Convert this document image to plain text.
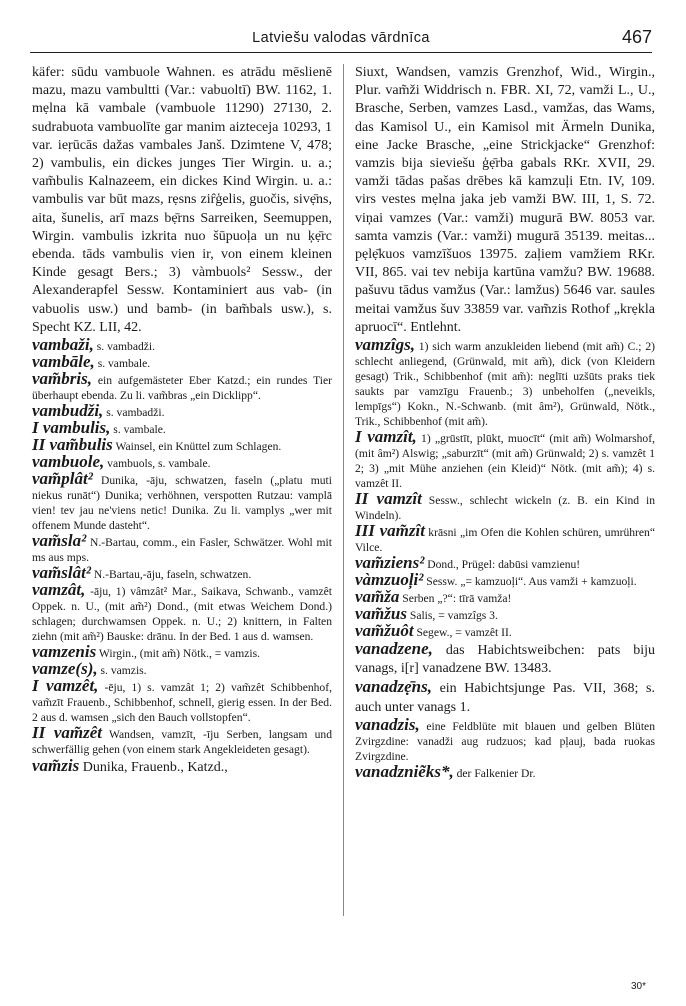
Latviešu valodas vārdnīca	467

käfer: sūdu vambuole Wahnen. es atrādu mēslienē mazu, mazu vambultti (Var.: vabuoltī) BW. 1162, 1. mẹlna kā vambale (vambuole 11290) 27130, 2. sudrabuota vambuolīte gar manim aizteceja 10293, 1 var. ieṛūcās dažas vambales Janš. Dzimtene V, 478; 2) vambulis, ein dickes junges Tier Wirgin. u. a.; vam̃bulis Kalnazeem, ein dickes Kind Wirgin. u. a.: vambulis var būt mazs, rẹsns zir̂ģelis, guočis, sivẹ̄ns, aita, šunelis, arī mazs bẹ̄rns Sarreiken, Seemuppen, Wirgin. vambulis izkrita nuo šūpuoļa un nu ķẹ̄rc ebenda. tāds vambulis vien ir, von einem kleinen Kinde gesagt Bers.; 3) vàmbuols² Sessw., der Alexanderapfel Sessw. Kontaminiert aus vab- (in vabuolis usw.) und bamb- (in bam̃bals usw.), s. Specht KZ. LII, 42.

vambaži, s. vambadži.

vambāle, s. vambale.

vam̃bris, ein aufgemästeter Eber Katzd.; ein rundes Tier überhaupt ebenda. Zu li. vam̃bras „ein Dicklipp“.

vambudži, s. vambadži.

I vambulis, s. vambale.

II vam̃bulis Wainsel, ein Knüttel zum Schlagen.

vambuole, vambuols, s. vambale.

vam̃plât² Dunika, -āju, schwatzen, faseln („platu muti niekus runāt“) Dunika; verhöhnen, verspotten Rutzau: vamplā vien! tev jau ne'viens netic! Dunika. Zu li. vamplys „wer mit offenem Munde dasteht“.

vam̃sla² N.-Bartau, comm., ein Fasler, Schwätzer. Wohl mit ms aus mps.

vam̃slât² N.-Bartau,-āju, faseln, schwatzen.

vamzât, -āju, 1) vâmzât² Mar., Saikava, Schwanb., vamzêt Oppek. n. U., (mit am̃²) Dond., (mit etwas Weichem Dond.) schlagen; durchwamsen Oppek. n. U.; 2) knittern, in Falten ziehn (mit am̃²) Bauske: drānu. In der Bed. 1 aus d. wamsen.

vamzenis Wirgin., (mit am̃) Nötk., = vamzis.

vamze(s), s. vamzis.

I vamzêt, -ēju, 1) s. vamzât 1; 2) vam̃zêt Schibbenhof, vam̃zīt Frauenb., Schibbenhof, schnell, gierig essen. In der Bed. 2 aus d. wamsen „sich den Bauch vollstopfen“.

II vam̃zêt Wandsen, vamzīt, -īju Serben, langsam und schwerfällig gehen (von einem stark Angekleideten gesagt).

vam̃zis Dunika, Frauenb., Katzd.,

Siuxt, Wandsen, vamzis Grenzhof, Wid., Wirgin., Plur. vam̃ži Widdrisch n. FBR. XI, 72, vamži L., U., Brasche, Serben, vamzes Lasd., vamžas, das Wams, das Kamisol U., ein Kamisol mit Ärmeln Dunika, eine Jacke Brasche, „eine Strickjacke“ Grenzhof: vamzis bija sieviešu ģẹ̄rba gabals RKr. XVII, 29. vamži tādas pašas drēbes kā kamzuļi Etn. IV, 109. virs vestes mẹlna jaka jeb vamži BW. III, 1, S. 72. viņai vamzes (Var.: vamži) mugurā BW. 8053 var. samta vamzis (Var.: vamži) mugurā 35139. meitas... pẹlẹ̄kuos vamzīšuos 13975. zaļiem vamžiem RKr. VII, 865. vai tev nebija kartūna vamžu? BW. 19688. pašuvu tādus vamžus (Var.: lamžus) 5646 var. saules meitai vamžus šuv 33859 var. vam̃zis Rothof „krẹkla apruocī“. Entlehnt.

vamzîgs, 1) sich warm anzukleiden liebend (mit am̃) C.; 2) schlecht anliegend, (Grünwald, mit am̃), dick (von Kleidern gesagt) Trik., Schibbenhof (mit am̃): neglīti uzšūts praks tiek saukts par vamzīgu Frauenb.; 3) unbeholfen („neveikls, lempīgs“) Kokn., N.-Schwanb. (mit âm²), Grünwald, Nötk., Trik., Schibbenhof (mit am̃).

I vamzît, 1) „grūstīt, plūkt, muocīt“ (mit am̃) Wolmarshof, (mit âm²) Alswig; „saburzīt“ (mit am̃) Grünwald; 2) s. vamzêt 1 2; 3) „mit Mühe anziehen (ein Kleid)“ Nötk. (mit am̃); 4) s. vamzêt II.

II vamzît Sessw., schlecht wickeln (z. B. ein Kind in Windeln).

III vam̃zît krāsni „im Ofen die Kohlen schüren, umrühren“ Vilce.

vam̃ziens² Dond., Prügel: dabūsi vamzienu!

vàmzuoļi² Sessw. „= kamzuoļi“. Aus vamži + kamzuoļi.

vam̃ža Serben „?“: tīrā vamža!

vam̃žus Salis, = vamzîgs 3.

vam̃žuôt Segew., = vamzêt II.

vanadzene, das Habichtsweibchen: pats biju vanags, i[r] vanadzene BW. 13483.

vanadzẹ̄ns, ein Habichtsjunge Pas. VII, 368; s. auch unter vanags 1.

vanadzis, eine Feldblüte mit blauen und gelben Blüten Zvirgzdine: vanadži aug rudzuos; kad pļauj, bada ruokas Zvirgzdine.

vanadzniẽks*, der Falkenier Dr.

30*
